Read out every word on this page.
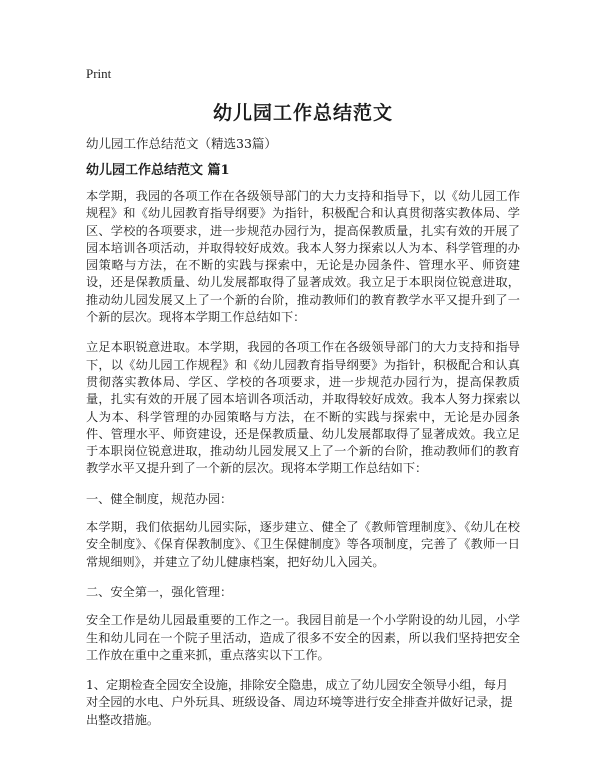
Print
幼儿园工作总结范文

幼儿园工作总结范文（精选33篇）

幼儿园工作总结范文 篇1

本学期，我园的各项工作在各级领导部门的大力支持和指导下，以《幼儿园工作规程》和《幼儿园教育指导纲要》为指针，积极配合和认真贯彻落实教体局、学区、学校的各项要求，进一步规范办园行为，提高保教质量，扎实有效的开展了园本培训各项活动，并取得较好成效。我本人努力探索以人为本、科学管理的办园策略与方法，在不断的实践与探索中，无论是办园条件、管理水平、师资建设，还是保教质量、幼儿发展都取得了显著成效。我立足于本职岗位锐意进取，推动幼儿园发展又上了一个新的台阶，推动教师们的教育教学水平又提升到了一个新的层次。现将本学期工作总结如下：

立足本职锐意进取。本学期，我园的各项工作在各级领导部门的大力支持和指导下，以《幼儿园工作规程》和《幼儿园教育指导纲要》为指针，积极配合和认真贯彻落实教体局、学区、学校的各项要求，进一步规范办园行为，提高保教质量，扎实有效的开展了园本培训各项活动，并取得较好成效。我本人努力探索以人为本、科学管理的办园策略与方法，在不断的实践与探索中，无论是办园条件、管理水平、师资建设，还是保教质量、幼儿发展都取得了显著成效。我立足于本职岗位锐意进取，推动幼儿园发展又上了一个新的台阶，推动教师们的教育教学水平又提升到了一个新的层次。现将本学期工作总结如下：

一、健全制度，规范办园：

本学期，我们依据幼儿园实际，逐步建立、健全了《教师管理制度》、《幼儿在校安全制度》、《保育保教制度》、《卫生保健制度》等各项制度，完善了《教师一日常规细则》，并建立了幼儿健康档案，把好幼儿入园关。

二、安全第一，强化管理：

安全工作是幼儿园最重要的工作之一。我园目前是一个小学附设的幼儿园，小学生和幼儿同在一个院子里活动，造成了很多不安全的因素，所以我们坚持把安全工作放在重中之重来抓，重点落实以下工作。

1、定期检查全园安全设施，排除安全隐患，成立了幼儿园安全领导小组，每月对全园的水电、户外玩具、班级设备、周边环境等进行安全排查并做好记录，提出整改措施。
